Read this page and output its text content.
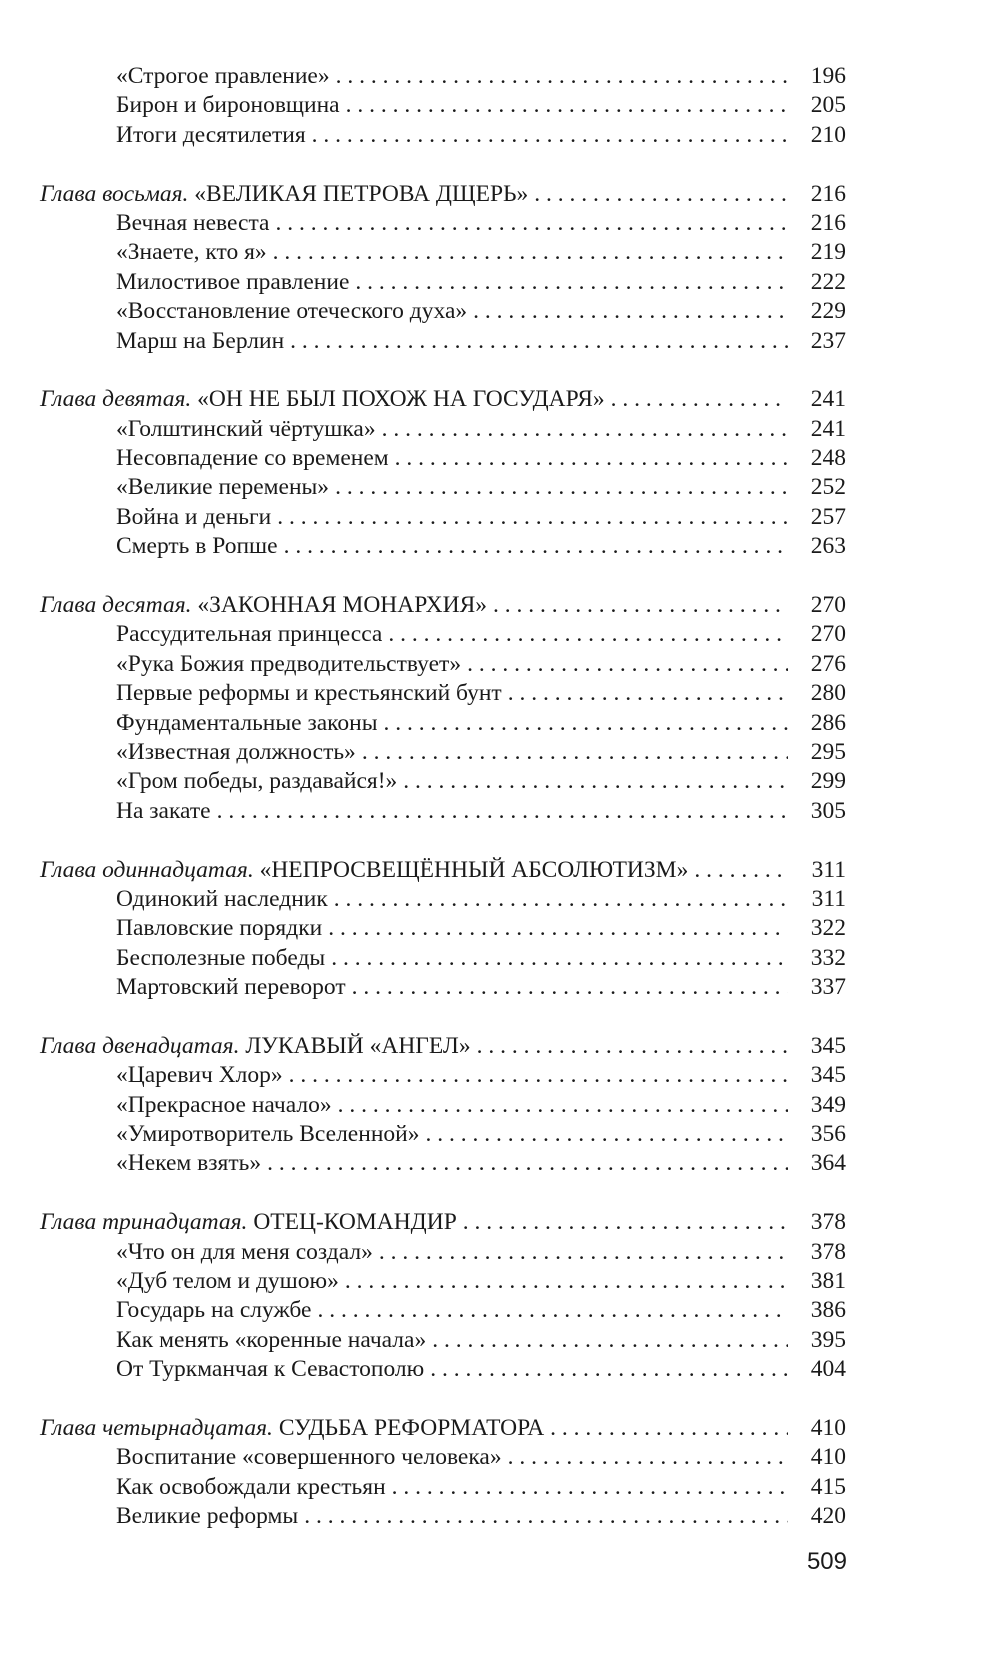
«Строгое правление» . . .	196
Бирон и бироновщина . . .	205
Итоги десятилетия . . .	210
Глава восьмая. «ВЕЛИКАЯ ПЕТРОВА ДЩЕРЬ» . . .	216
Вечная невеста . . .	216
«Знаете, кто я» . . .	219
Милостивое правление . . .	222
«Восстановление отеческого духа» . . .	229
Марш на Берлин . . .	237
Глава девятая. «ОН НЕ БЫЛ ПОХОЖ НА ГОСУДАРЯ» . . .	241
«Голштинский чёртушка» . . .	241
Несовпадение со временем . . .	248
«Великие перемены» . . .	252
Война и деньги . . .	257
Смерть в Ропше . . .	263
Глава десятая. «ЗАКОННАЯ МОНАРХИЯ» . . .	270
Рассудительная принцесса . . .	270
«Рука Божия предводительствует» . . .	276
Первые реформы и крестьянский бунт . . .	280
Фундаментальные законы . . .	286
«Известная должность» . . .	295
«Гром победы, раздавайся!» . . .	299
На закате . . .	305
Глава одиннадцатая. «НЕПРОСВЕЩЁННЫЙ АБСОЛЮТИЗМ» . . .	311
Одинокий наследник . . .	311
Павловские порядки . . .	322
Бесполезные победы . . .	332
Мартовский переворот . . .	337
Глава двенадцатая. ЛУКАВЫЙ «АНГЕЛ» . . .	345
«Царевич Хлор» . . .	345
«Прекрасное начало» . . .	349
«Умиротворитель Вселенной» . . .	356
«Некем взять» . . .	364
Глава тринадцатая. ОТЕЦ-КОМАНДИР . . .	378
«Что он для меня создал» . . .	378
«Дуб телом и душою» . . .	381
Государь на службе . . .	386
Как менять «коренные начала» . . .	395
От Туркманчая к Севастополю . . .	404
Глава четырнадцатая. СУДЬБА РЕФОРМАТОРА . . .	410
Воспитание «совершенного человека» . . .	410
Как освобождали крестьян . . .	415
Великие реформы . . .	420
509
